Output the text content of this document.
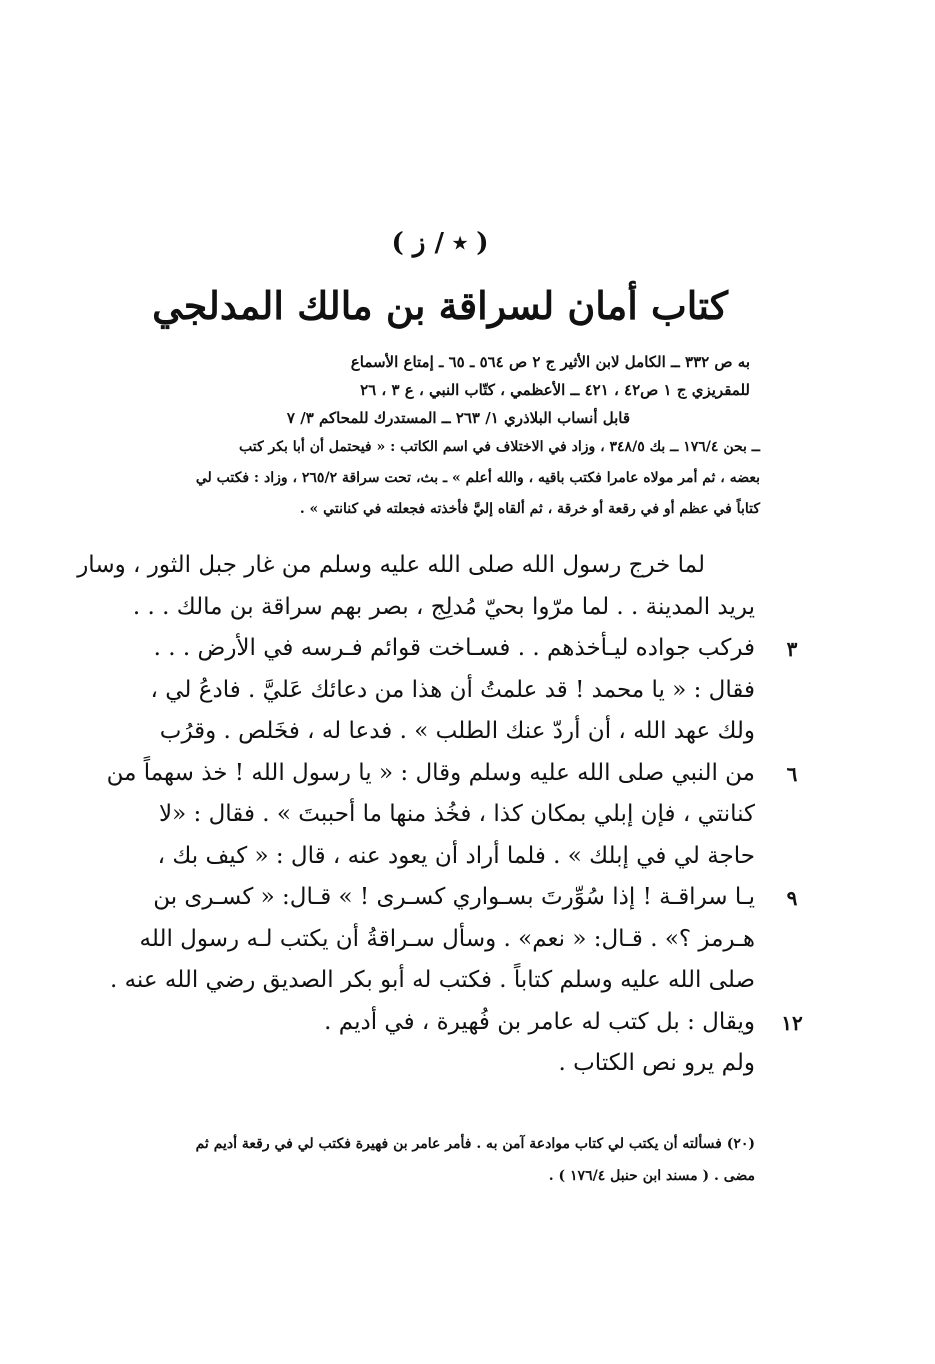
( ٭ / ز )
كتاب أمان لسراقة بن مالك المدلجي
به ص ٣٣٢ ــ الكامل لابن الأثير ج ٢ ص ٥٦٤ ـ ٦٥ ـ إمتاع الأسماع
للمقريزي ج ١ ص٤٢ ، ٤٢١ ــ الأعظمي ، كتّاب النبي ، ع ٣ ، ٢٦
قابل أنساب البلاذري ١/ ٢٦٣ ــ المستدرك للمحاكم ٣/ ٧
ــ بحن ١٧٦/٤ ــ بك ٣٤٨/٥ ، وزاد في الاختلاف في اسم الكاتب : « فيحتمل أن أبا بكر كتب
بعضه ، ثم أمر مولاه عامرا فكتب باقيه ، والله أعلم » ـ بث، تحت سراقة ٢٦٥/٢ ، وزاد : فكتب لي
كتاباً في عظم أو في رقعة أو خرقة ، ثم ألقاه إليَّ فأخذته فجعلته في كنانتي » .
لما خرج رسول الله صلى الله عليه وسلم من غار جبل الثور ، وسار
يريد المدينة . . لما مرّوا بحيّ مُدلِج ، بصر بهم سراقة بن مالك . . .
فركب جواده ليـأخذهم . . فسـاخت قوائم فـرسه في الأرض . . .
فقال : « يا محمد ! قد علمتُ أن هذا من دعائك عَليَّ . فادعُ لي ،
ولك عهد الله ، أن أردّ عنك الطلب » . فدعا له ، فخَلص . وقرُب
من النبي صلى الله عليه وسلم وقال : « يا رسول الله ! خذ سهماً من
كنانتي ، فإن إبلي بمكان كذا ، فخُذ منها ما أحببتَ » . فقال : «لا
حاجة لي في إبلك » . فلما أراد أن يعود عنه ، قال : « كيف بك ،
يـا سراقـة ! إذا سُوِّرتَ بسـواري كسـرى ! » قـال: « كسـرى بن
هـرمز ؟» . قـال: « نعم» . وسأل سـراقةُ أن يكتب لـه رسول الله
صلى الله عليه وسلم كتاباً . فكتب له أبو بكر الصديق رضي الله عنه .
ويقال : بل كتب له عامر بن فُهيرة ، في أديم .
ولم يرو نص الكتاب .
٣
٦
٩
١٢
(٢٠) فسألته أن يكتب لي كتاب موادعة آمن به . فأمر عامر بن فهيرة فكتب لي في رقعة أديم ثم
مضى . ( مسند ابن حنبل ١٧٦/٤ ) .
